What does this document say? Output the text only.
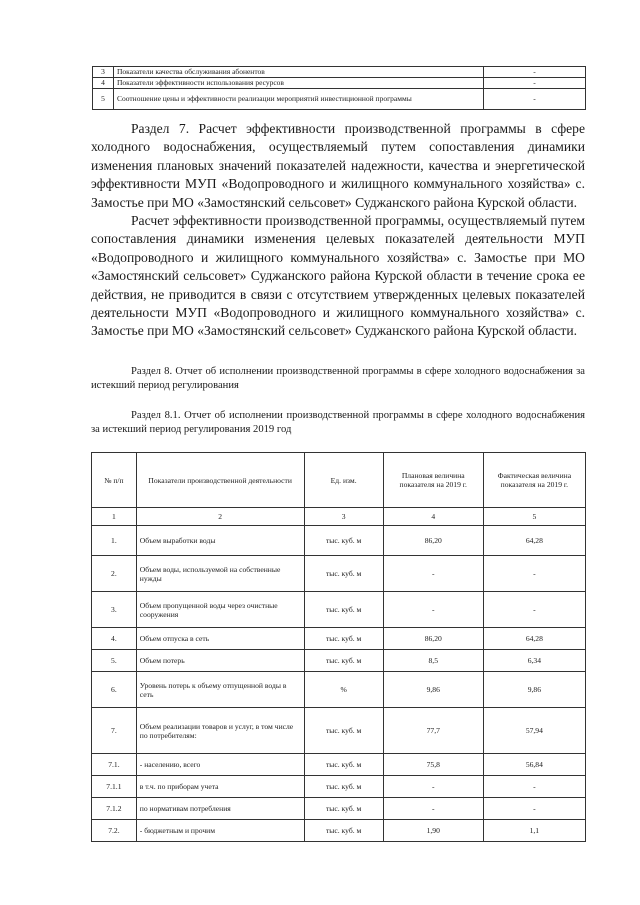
3	Показатели качества обслуживания абонентов	-
4	Показатели эффективности использования ресурсов	-
5	Соотношение цены и эффективности реализации мероприятий инвестиционной программы	-

Раздел 7. Расчет эффективности производственной программы в сфере холодного водоснабжения, осуществляемый путем сопоставления динамики изменения плановых значений показателей надежности, качества и энергетической эффективности МУП «Водопроводного и жилищного коммунального хозяйства» с. Замостье при МО «Замостянский сельсовет» Суджанского района Курской области.

Расчет эффективности производственной программы, осуществляемый путем сопоставления динамики изменения целевых показателей деятельности МУП «Водопроводного и жилищного коммунального хозяйства» с. Замостье при МО «Замостянский сельсовет» Суджанского района Курской области в течение срока ее действия, не приводится в связи с отсутствием утвержденных целевых показателей деятельности МУП «Водопроводного и жилищного коммунального хозяйства» с. Замостье при МО «Замостянский сельсовет» Суджанского района Курской области.

Раздел 8. Отчет об исполнении производственной программы в сфере холодного водоснабжения за истекший период регулирования

Раздел 8.1. Отчет об исполнении производственной программы в сфере холодного водоснабжения за истекший период регулирования 2019 год

№ п/п	Показатели производственной деятельности	Ед. изм.	Плановая величина показателя на 2019 г.	Фактическая величина показателя на 2019 г.
1	2	3	4	5
1.	Объем выработки воды	тыс. куб. м	86,20	64,28
2.	Объем воды, используемой на собственные нужды	тыс. куб. м	-	-
3.	Объем пропущенной воды через очистные сооружения	тыс. куб. м	-	-
4.	Объем отпуска в сеть	тыс. куб. м	86,20	64,28
5.	Объем потерь	тыс. куб. м	8,5	6,34
6.	Уровень потерь к объему отпущенной воды в сеть	%	9,86	9,86
7.	Объем реализации товаров и услуг, в том числе по потребителям:	тыс. куб. м	77,7	57,94
7.1.	- населению, всего	тыс. куб. м	75,8	56,84
7.1.1	в т.ч. по приборам учета	тыс. куб. м	-	-
7.1.2	по нормативам потребления	тыс. куб. м	-	-
7.2.	- бюджетным и прочим	тыс. куб. м	1,90	1,1
